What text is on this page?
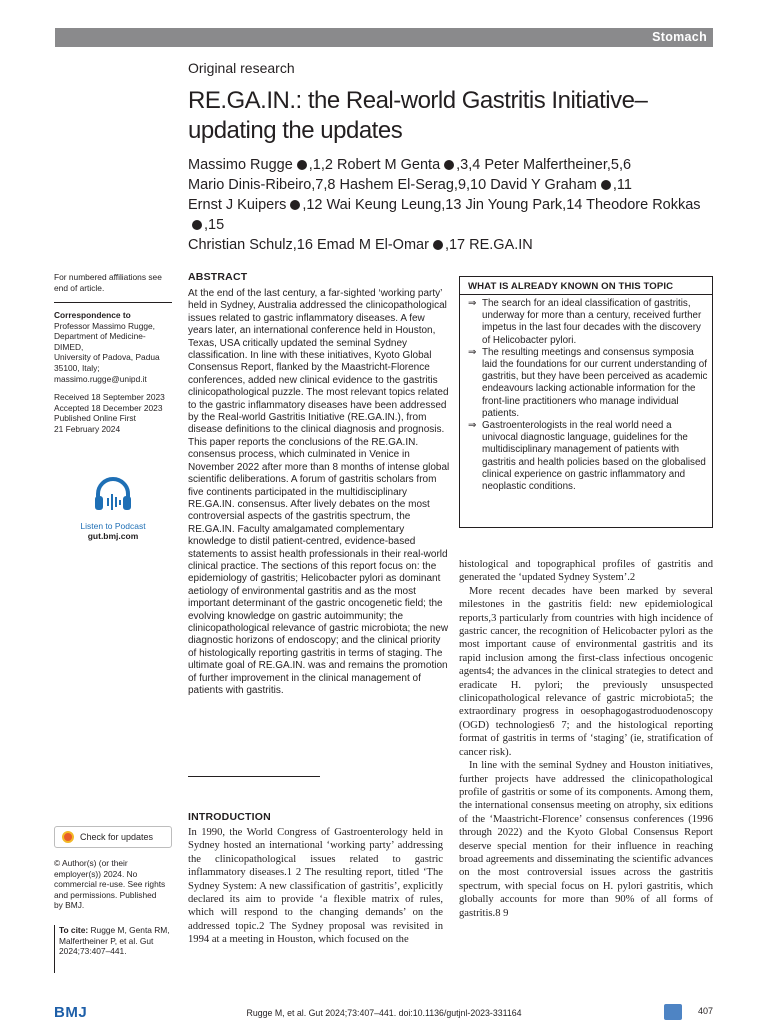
Stomach
Original research
RE.GA.IN.: the Real-world Gastritis Initiative–updating the updates
Massimo Rugge ,1,2 Robert M Genta ,3,4 Peter Malfertheiner,5,6
Mario Dinis-Ribeiro,7,8 Hashem El-Serag,9,10 David Y Graham ,11
Ernst J Kuipers ,12 Wai Keung Leung,13 Jin Young Park,14 Theodore Rokkas,15
Christian Schulz,16 Emad M El-Omar ,17 RE.GA.IN
For numbered affiliations see end of article.
Correspondence to
Professor Massimo Rugge,
Department of Medicine-DIMED,
University of Padova, Padua
35100, Italy;
massimo.rugge@unipd.it
Received 18 September 2023
Accepted 18 December 2023
Published Online First
21 February 2024
Listen to Podcast
gut.bmj.com
ABSTRACT
At the end of the last century, a far-sighted ‘working party’ held in Sydney, Australia addressed the clinicopathological issues related to gastric inflammatory diseases. A few years later, an international conference held in Houston, Texas, USA critically updated the seminal Sydney classification. In line with these initiatives, Kyoto Global Consensus Report, flanked by the Maastricht-Florence conferences, added new clinical evidence to the gastritis clinicopathological puzzle. The most relevant topics related to the gastric inflammatory diseases have been addressed by the Real-world Gastritis Initiative (RE.GA.IN.), from disease definitions to the clinical diagnosis and prognosis. This paper reports the conclusions of the RE.GA.IN. consensus process, which culminated in Venice in November 2022 after more than 8 months of intense global scientific deliberations. A forum of gastritis scholars from five continents participated in the multidisciplinary RE.GA.IN. consensus. After lively debates on the most controversial aspects of the gastritis spectrum, the RE.GA.IN. Faculty amalgamated complementary knowledge to distil patient-centred, evidence-based statements to assist health professionals in their real-world clinical practice. The sections of this report focus on: the epidemiology of gastritis; Helicobacter pylori as dominant aetiology of environmental gastritis and as the most important determinant of the gastric oncogenetic field; the evolving knowledge on gastric autoimmunity; the clinicopathological relevance of gastric microbiota; the new diagnostic horizons of endoscopy; and the clinical priority of histologically reporting gastritis in terms of staging. The ultimate goal of RE.GA.IN. was and remains the promotion of further improvement in the clinical management of patients with gastritis.
WHAT IS ALREADY KNOWN ON THIS TOPIC
⇒ The search for an ideal classification of gastritis, underway for more than a century, received further impetus in the last four decades with the discovery of Helicobacter pylori.
⇒ The resulting meetings and consensus symposia laid the foundations for our current understanding of gastritis, but they have been perceived as academic endeavours lacking actionable information for the front-line practitioners who manage individual patients.
⇒ Gastroenterologists in the real world need a univocal diagnostic language, guidelines for the multidisciplinary management of patients with gastritis and health policies based on the globalised clinical experience on gastric inflammatory and neoplastic conditions.
histological and topographical profiles of gastritis and generated the ‘updated Sydney System’.2
More recent decades have been marked by several milestones in the gastritis field: new epidemiological reports,3 particularly from countries with high incidence of gastric cancer, the recognition of Helicobacter pylori as the most important cause of environmental gastritis and its rapid inclusion among the first-class infectious oncogenic agents4; the advances in the clinical strategies to detect and eradicate H. pylori; the previously unsuspected clinicopathological relevance of gastric microbiota5; the extraordinary progress in oesophagogastroduodenoscopy (OGD) technologies6 7; and the histological reporting format of gastritis in terms of ‘staging’ (ie, stratification of cancer risk).
In line with the seminal Sydney and Houston initiatives, further projects have addressed the clinicopathological profile of gastritis or some of its components. Among them, the international consensus meeting on atrophy, six editions of the ‘Maastricht-Florence’ consensus conferences (1996 through 2022) and the Kyoto Global Consensus Report deserve special mention for their influence in reaching broad agreements and disseminating the scientific advances on the most controversial issues across the gastritis spectrum, with special focus on H. pylori gastritis, which globally accounts for more than 90% of all forms of gastritis.8 9
INTRODUCTION
In 1990, the World Congress of Gastroenterology held in Sydney hosted an international ‘working party’ addressing the clinicopathological issues related to gastric inflammatory diseases.1 2 The resulting report, titled ‘The Sydney System: A new classification of gastritis’, explicitly declared its aim to provide ‘a flexible matrix of rules, which will respond to the changing demands’ on the addressed topic.2 The Sydney proposal was revisited in 1994 at a meeting in Houston, which focused on the
Check for updates
© Author(s) (or their
employer(s)) 2024. No
commercial re-use. See rights
and permissions. Published
by BMJ.
To cite: Rugge M, Genta RM,
Malfertheiner P, et al. Gut
2024;73:407–441.
BMJ	Rugge M, et al. Gut 2024;73:407–441. doi:10.1136/gutjnl-2023-331164	407
